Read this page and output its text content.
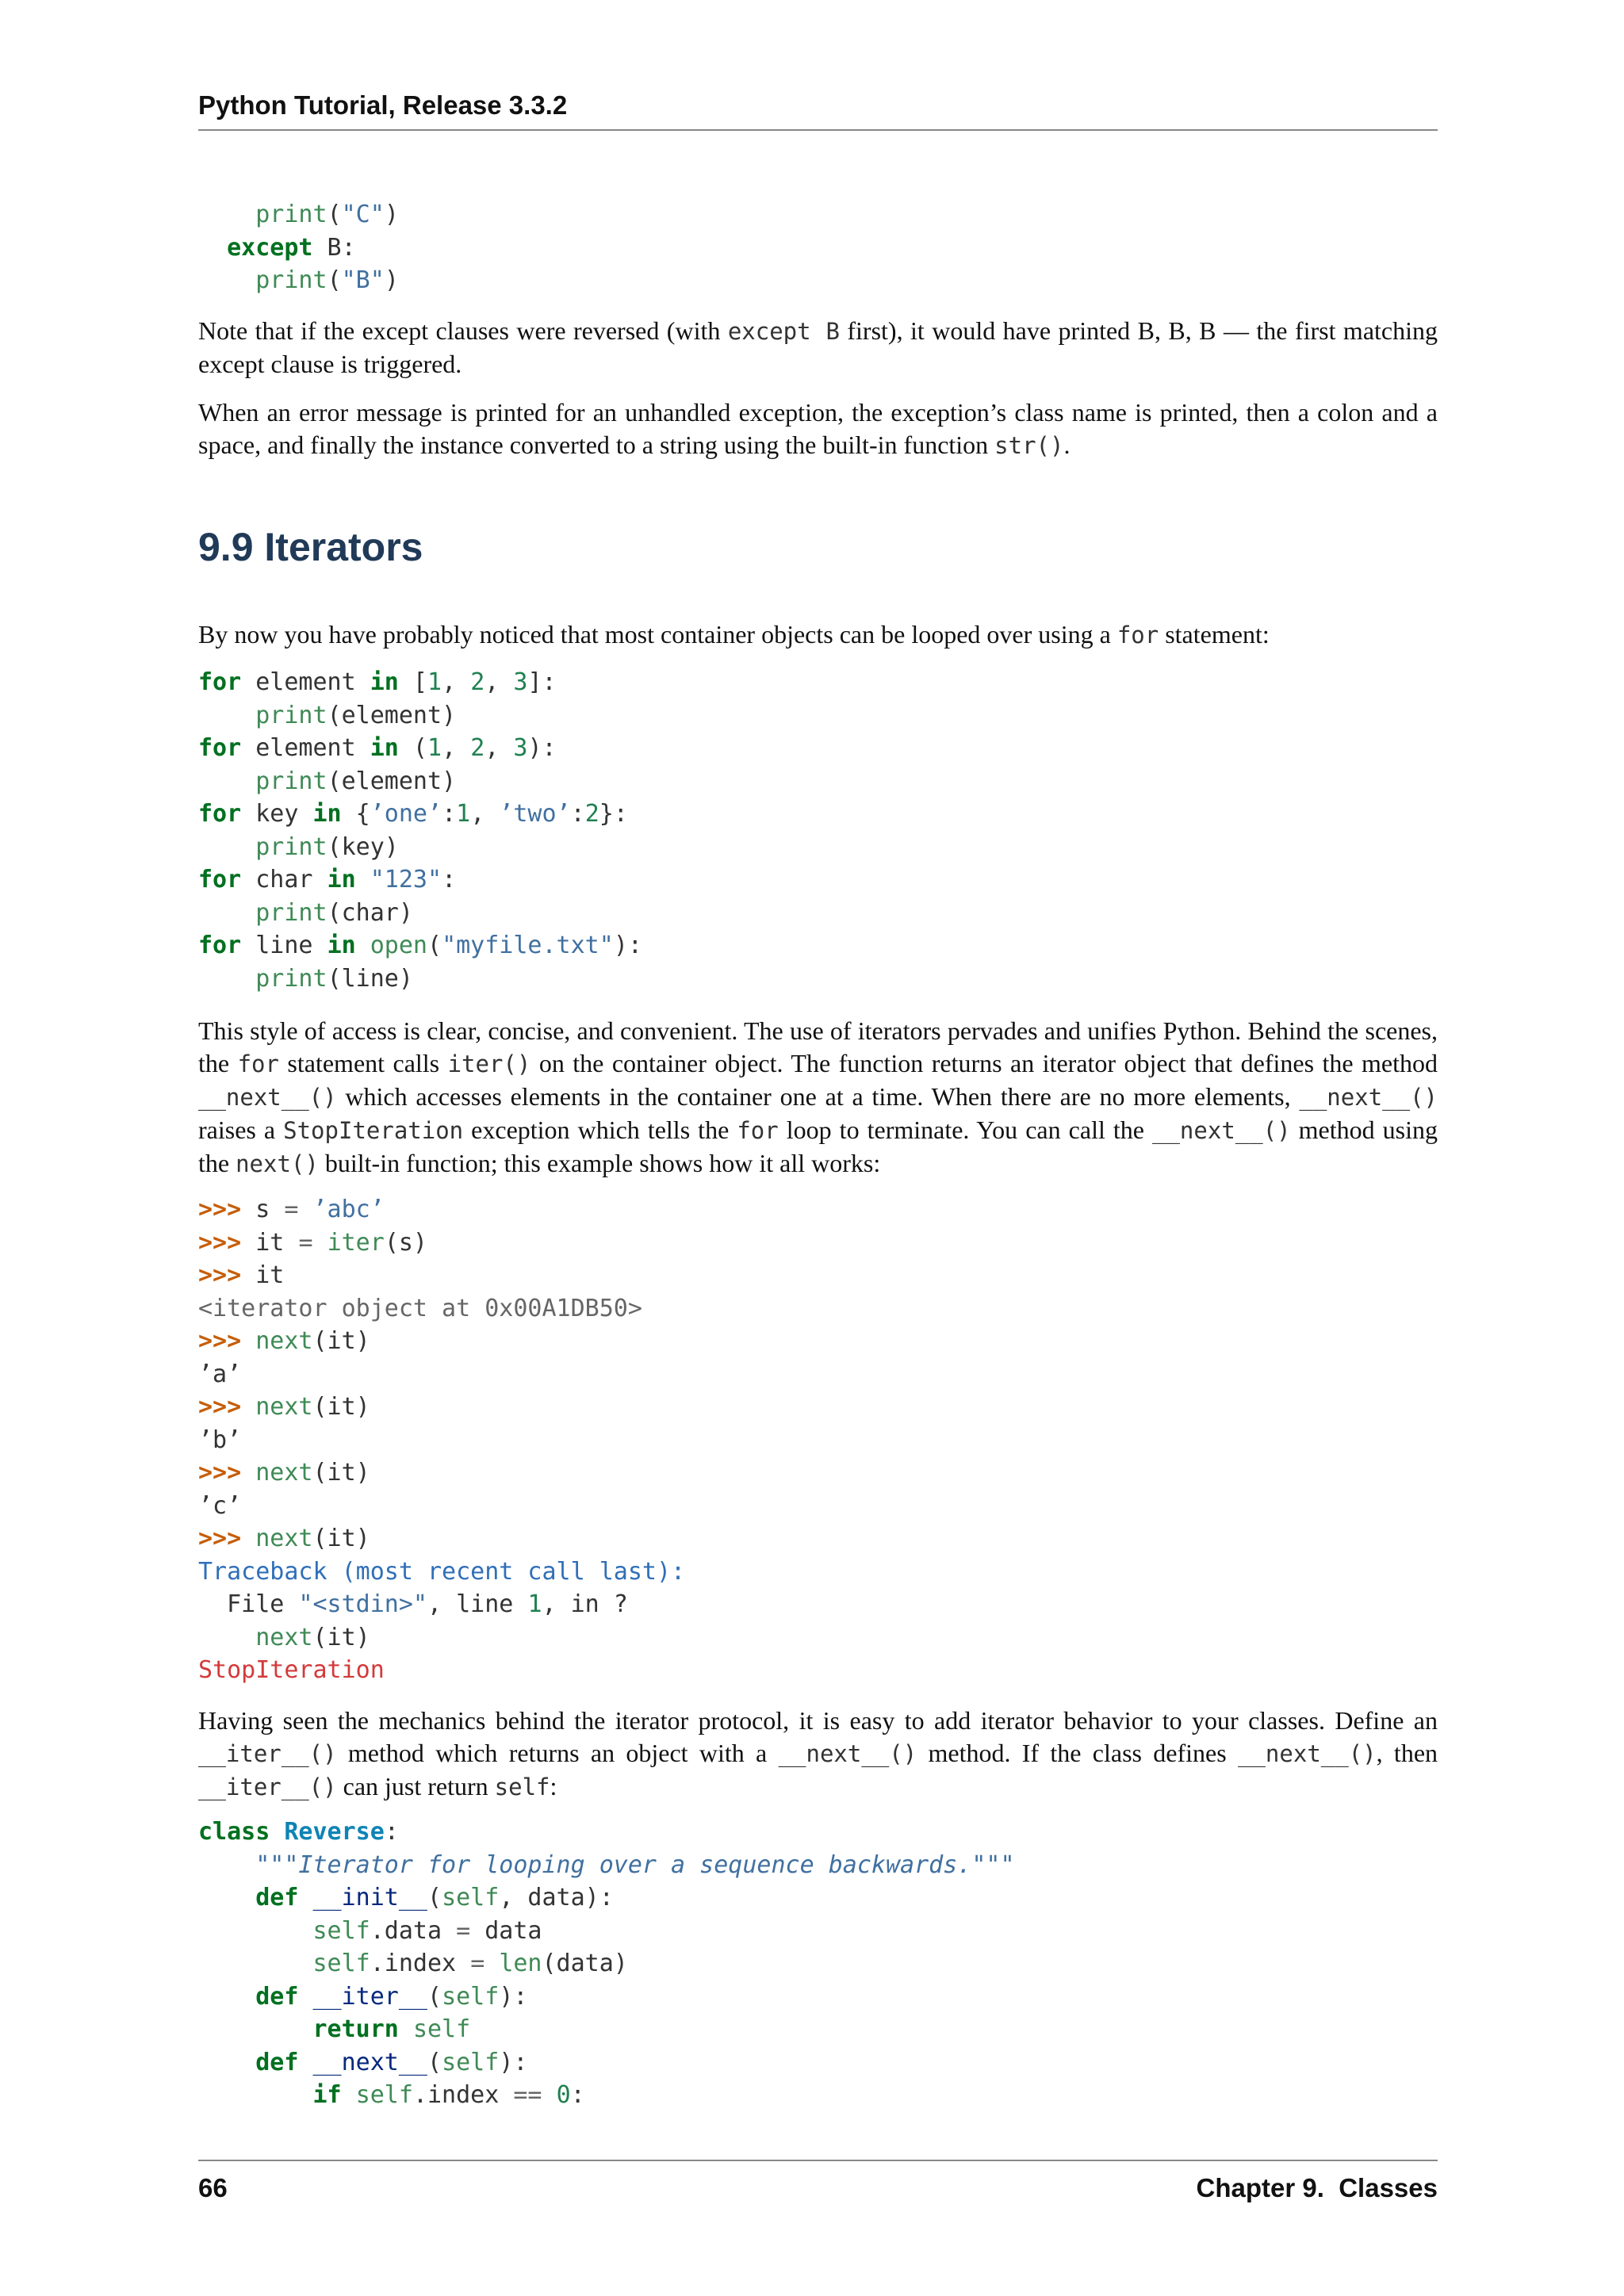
Python Tutorial, Release 3.3.2
print("C")
except B:
print("B")

Note that if the except clauses were reversed (with except B first), it would have printed B, B, B — the first matching except clause is triggered.

When an error message is printed for an unhandled exception, the exception’s class name is printed, then a colon and a space, and finally the instance converted to a string using the built-in function str().

9.9 Iterators

By now you have probably noticed that most container objects can be looped over using a for statement:

for element in [1, 2, 3]:
print(element)
for element in (1, 2, 3):
print(element)
for key in {’one’:1, ’two’:2}:
print(key)
for char in "123":
print(char)
for line in open("myfile.txt"):
print(line)

This style of access is clear, concise, and convenient. The use of iterators pervades and unifies Python. Behind the scenes, the for statement calls iter() on the container object. The function returns an iterator object that defines the method __next__() which accesses elements in the container one at a time. When there are no more elements, __next__() raises a StopIteration exception which tells the for loop to terminate. You can call the __next__() method using the next() built-in function; this example shows how it all works:

>>> s = ’abc’
>>> it = iter(s)
>>> it
<iterator object at 0x00A1DB50>
>>> next(it)
’a’
>>> next(it)
’b’
>>> next(it)
’c’
>>> next(it)
Traceback (most recent call last):
File "<stdin>", line 1, in ?
next(it)
StopIteration

Having seen the mechanics behind the iterator protocol, it is easy to add iterator behavior to your classes. Define an __iter__() method which returns an object with a __next__() method. If the class defines __next__(), then __iter__() can just return self:

class Reverse:
"""Iterator for looping over a sequence backwards."""
def __init__(self, data):
self.data = data
self.index = len(data)
def __iter__(self):
return self
def __next__(self):
if self.index == 0:
66	Chapter 9.  Classes
